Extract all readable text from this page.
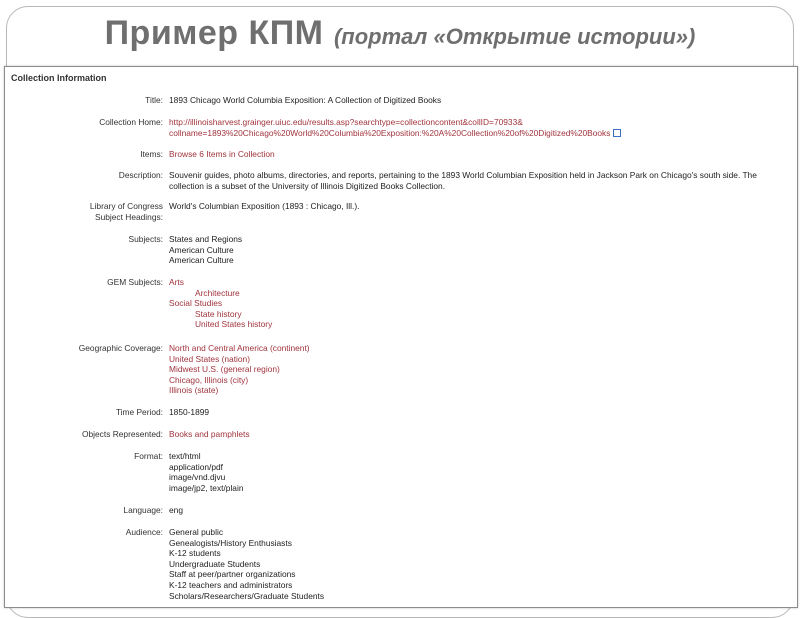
Пример КПМ (портал «Открытие истории»)
Collection Information
Title: 1893 Chicago World Columbia Exposition: A Collection of Digitized Books
Collection Home: http://illinoisharvest.grainger.uiuc.edu/results.asp?searchtype=collectioncontent&collID=70933&
collname=1893%20Chicago%20World%20Columbia%20Exposition:%20A%20Collection%20of%20Digitized%20Books
Items: Browse 6 Items in Collection
Description: Souvenir guides, photo albums, directories, and reports, pertaining to the 1893 World Columbian Exposition held in Jackson Park on Chicago's south side. The
collection is a subset of the University of Illinois Digitized Books Collection.
Library of Congress
Subject Headings:
World's Columbian Exposition (1893 : Chicago, Ill.).
Subjects: States and Regions
American Culture
American Culture
GEM Subjects: Arts
Architecture
Social Studies
State history
United States history
Geographic Coverage: North and Central America (continent)
United States (nation)
Midwest U.S. (general region)
Chicago, Illinois (city)
Illinois (state)
Time Period: 1850-1899
Objects Represented: Books and pamphlets
Format: text/html
application/pdf
image/vnd.djvu
image/jp2, text/plain
Language: eng
Audience: General public
Genealogists/History Enthusiasts
K-12 students
Undergraduate Students
Staff at peer/partner organizations
K-12 teachers and administrators
Scholars/Researchers/Graduate Students
